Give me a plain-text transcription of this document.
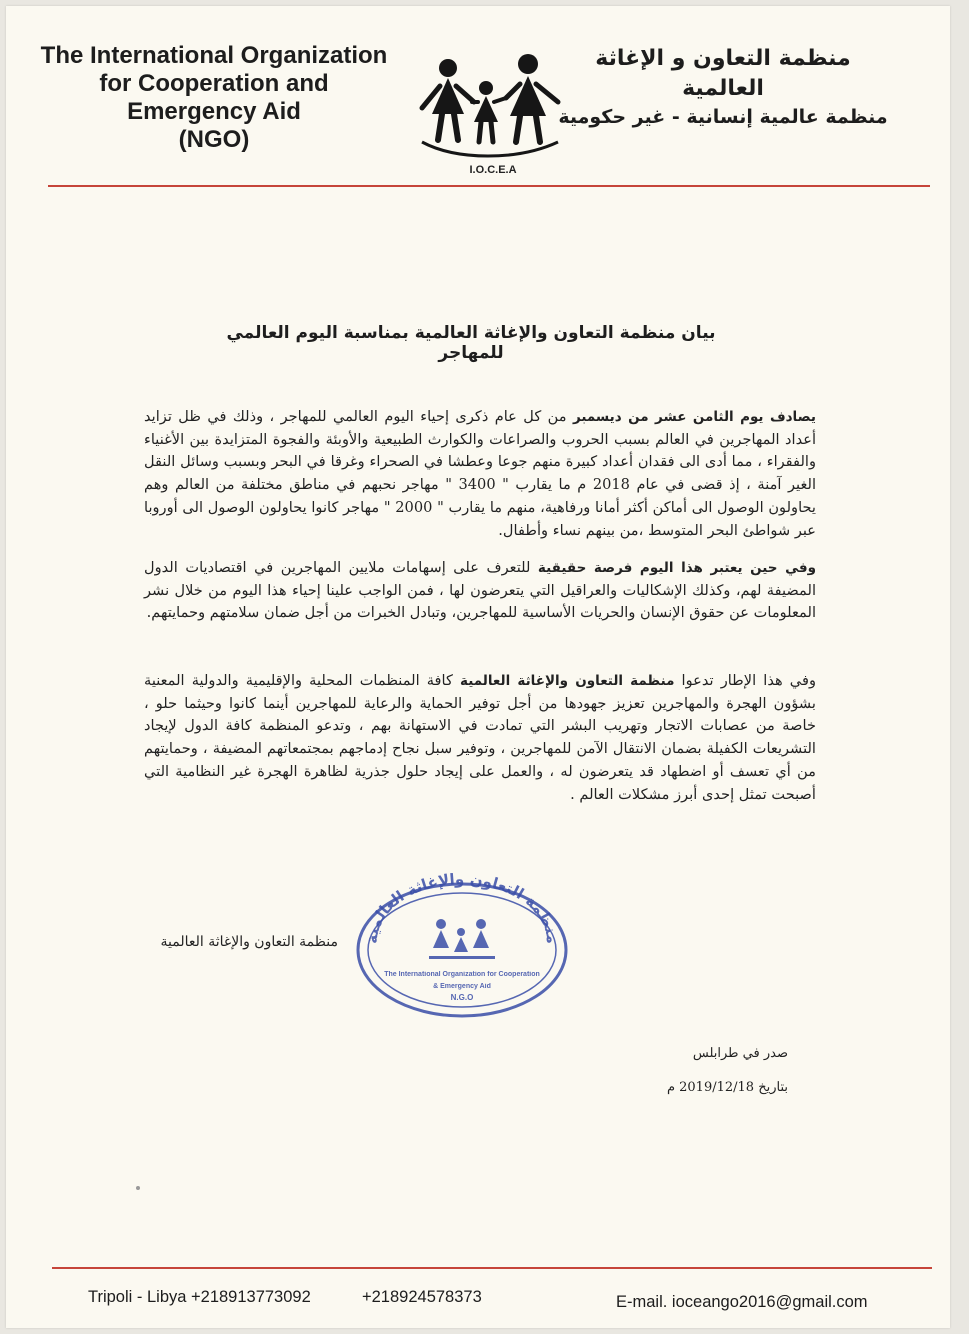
The International Organization
for Cooperation and
Emergency Aid
(NGO)
I.O.C.E.A
منظمة التعاون و الإغاثة العالمية
منظمة عالمية إنسانية - غير حكومية
بيان منظمة التعاون والإغاثة العالمية بمناسبة اليوم العالمي للمهاجر
يصادف يوم الثامن عشر من ديسمبر من كل عام ذكرى إحياء اليوم العالمي للمهاجر ، وذلك في ظل تزايد أعداد المهاجرين في العالم بسبب الحروب والصراعات والكوارث الطبيعية والأوبئة والفجوة المتزايدة بين الأغنياء والفقراء ، مما أدى الى فقدان أعداد كبيرة منهم جوعا وعطشا في الصحراء وغرقا في البحر وبسبب وسائل النقل الغير آمنة ، إذ قضى في عام 2018 م ما يقارب " 3400 " مهاجر نحبهم في مناطق مختلفة من العالم وهم يحاولون الوصول الى أماكن أكثر أمانا ورفاهية، منهم ما يقارب " 2000 " مهاجر كانوا يحاولون الوصول الى أوروبا عبر شواطئ البحر المتوسط ،من بينهم نساء وأطفال.
وفي حين يعتبر هذا اليوم فرصة حقيقية للتعرف على إسهامات ملايين المهاجرين في اقتصاديات الدول المضيفة لهم، وكذلك الإشكاليات والعراقيل التي يتعرضون لها ، فمن الواجب علينا إحياء هذا اليوم من خلال نشر المعلومات عن حقوق الإنسان والحريات الأساسية للمهاجرين، وتبادل الخبرات من أجل ضمان سلامتهم وحمايتهم.
وفي هذا الإطار تدعوا منظمة التعاون والإغاثة العالمية كافة المنظمات المحلية والإقليمية والدولية المعنية بشؤون الهجرة والمهاجرين تعزيز جهودها من أجل توفير الحماية والرعاية للمهاجرين أينما كانوا وحيثما حلو ، خاصة من عصابات الاتجار وتهريب البشر التي تمادت في الاستهانة بهم ، وتدعو المنظمة كافة الدول لإيجاد التشريعات الكفيلة بضمان الانتقال الآمن للمهاجرين ، وتوفير سبل نجاح إدماجهم بمجتمعاتهم المضيفة ، وحمايتهم من أي تعسف أو اضطهاد قد يتعرضون له ، والعمل على إيجاد حلول جذرية لظاهرة الهجرة غير النظامية التي أصبحت تمثل إحدى أبرز مشكلات العالم .
منظمة التعاون والإغاثة العالمية منظمة التعاون والإغاثة العالمية
The International Organization for Cooperation
& Emergency Aid
N.G.O
صدر في طرابلس
بتاريخ 2019/12/18 م
Tripoli - Libya +218913773092	+218924578373	E-mail. ioceango2016@gmail.com
